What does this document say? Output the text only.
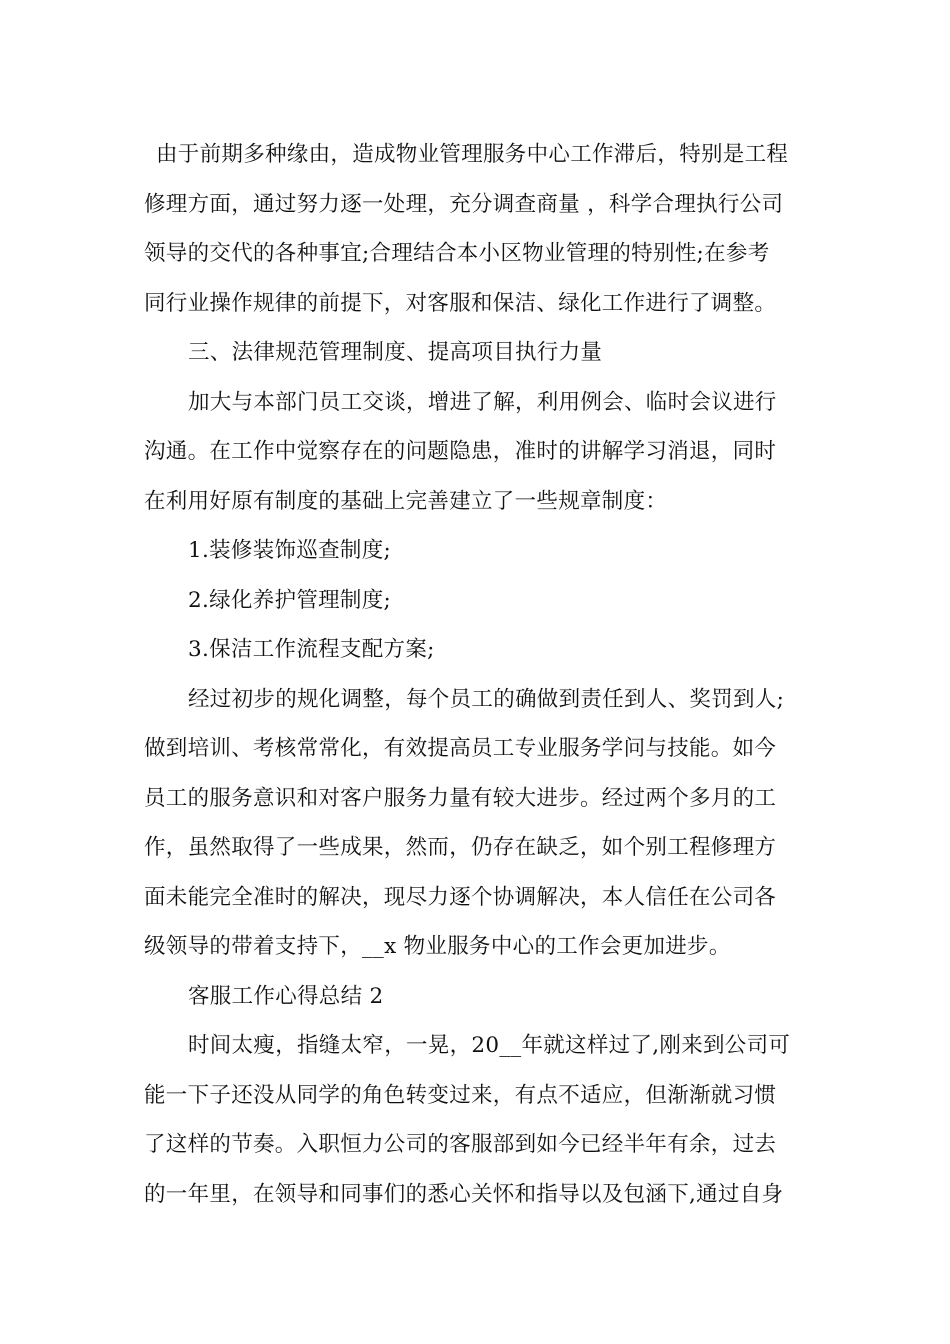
由于前期多种缘由，造成物业管理服务中心工作滞后，特别是工程
修理方面，通过努力逐一处理，充分调查商量 ，科学合理执行公司
领导的交代的各种事宜;合理结合本小区物业管理的特别性;在参考
同行业操作规律的前提下，对客服和保洁、绿化工作进行了调整。
三、法律规范管理制度、提高项目执行力量
加大与本部门员工交谈，增进了解，利用例会、临时会议进行
沟通。在工作中觉察存在的问题隐患，准时的讲解学习消退，同时
在利用好原有制度的基础上完善建立了一些规章制度：
1.装修装饰巡查制度;
2.绿化养护管理制度;
3.保洁工作流程支配方案;
经过初步的规化调整，每个员工的确做到责任到人、奖罚到人;
做到培训、考核常常化，有效提高员工专业服务学问与技能。如今
员工的服务意识和对客户服务力量有较大进步。经过两个多月的工
作，虽然取得了一些成果，然而，仍存在缺乏，如个别工程修理方
面未能完全准时的解决，现尽力逐个协调解决，本人信任在公司各
级领导的带着支持下，__x 物业服务中心的工作会更加进步。
客服工作心得总结 2
时间太瘦，指缝太窄，一晃，20__年就这样过了,刚来到公司可
能一下子还没从同学的角色转变过来，有点不适应，但渐渐就习惯
了这样的节奏。入职恒力公司的客服部到如今已经半年有余，过去
的一年里，在领导和同事们的悉心关怀和指导以及包涵下,通过自身
